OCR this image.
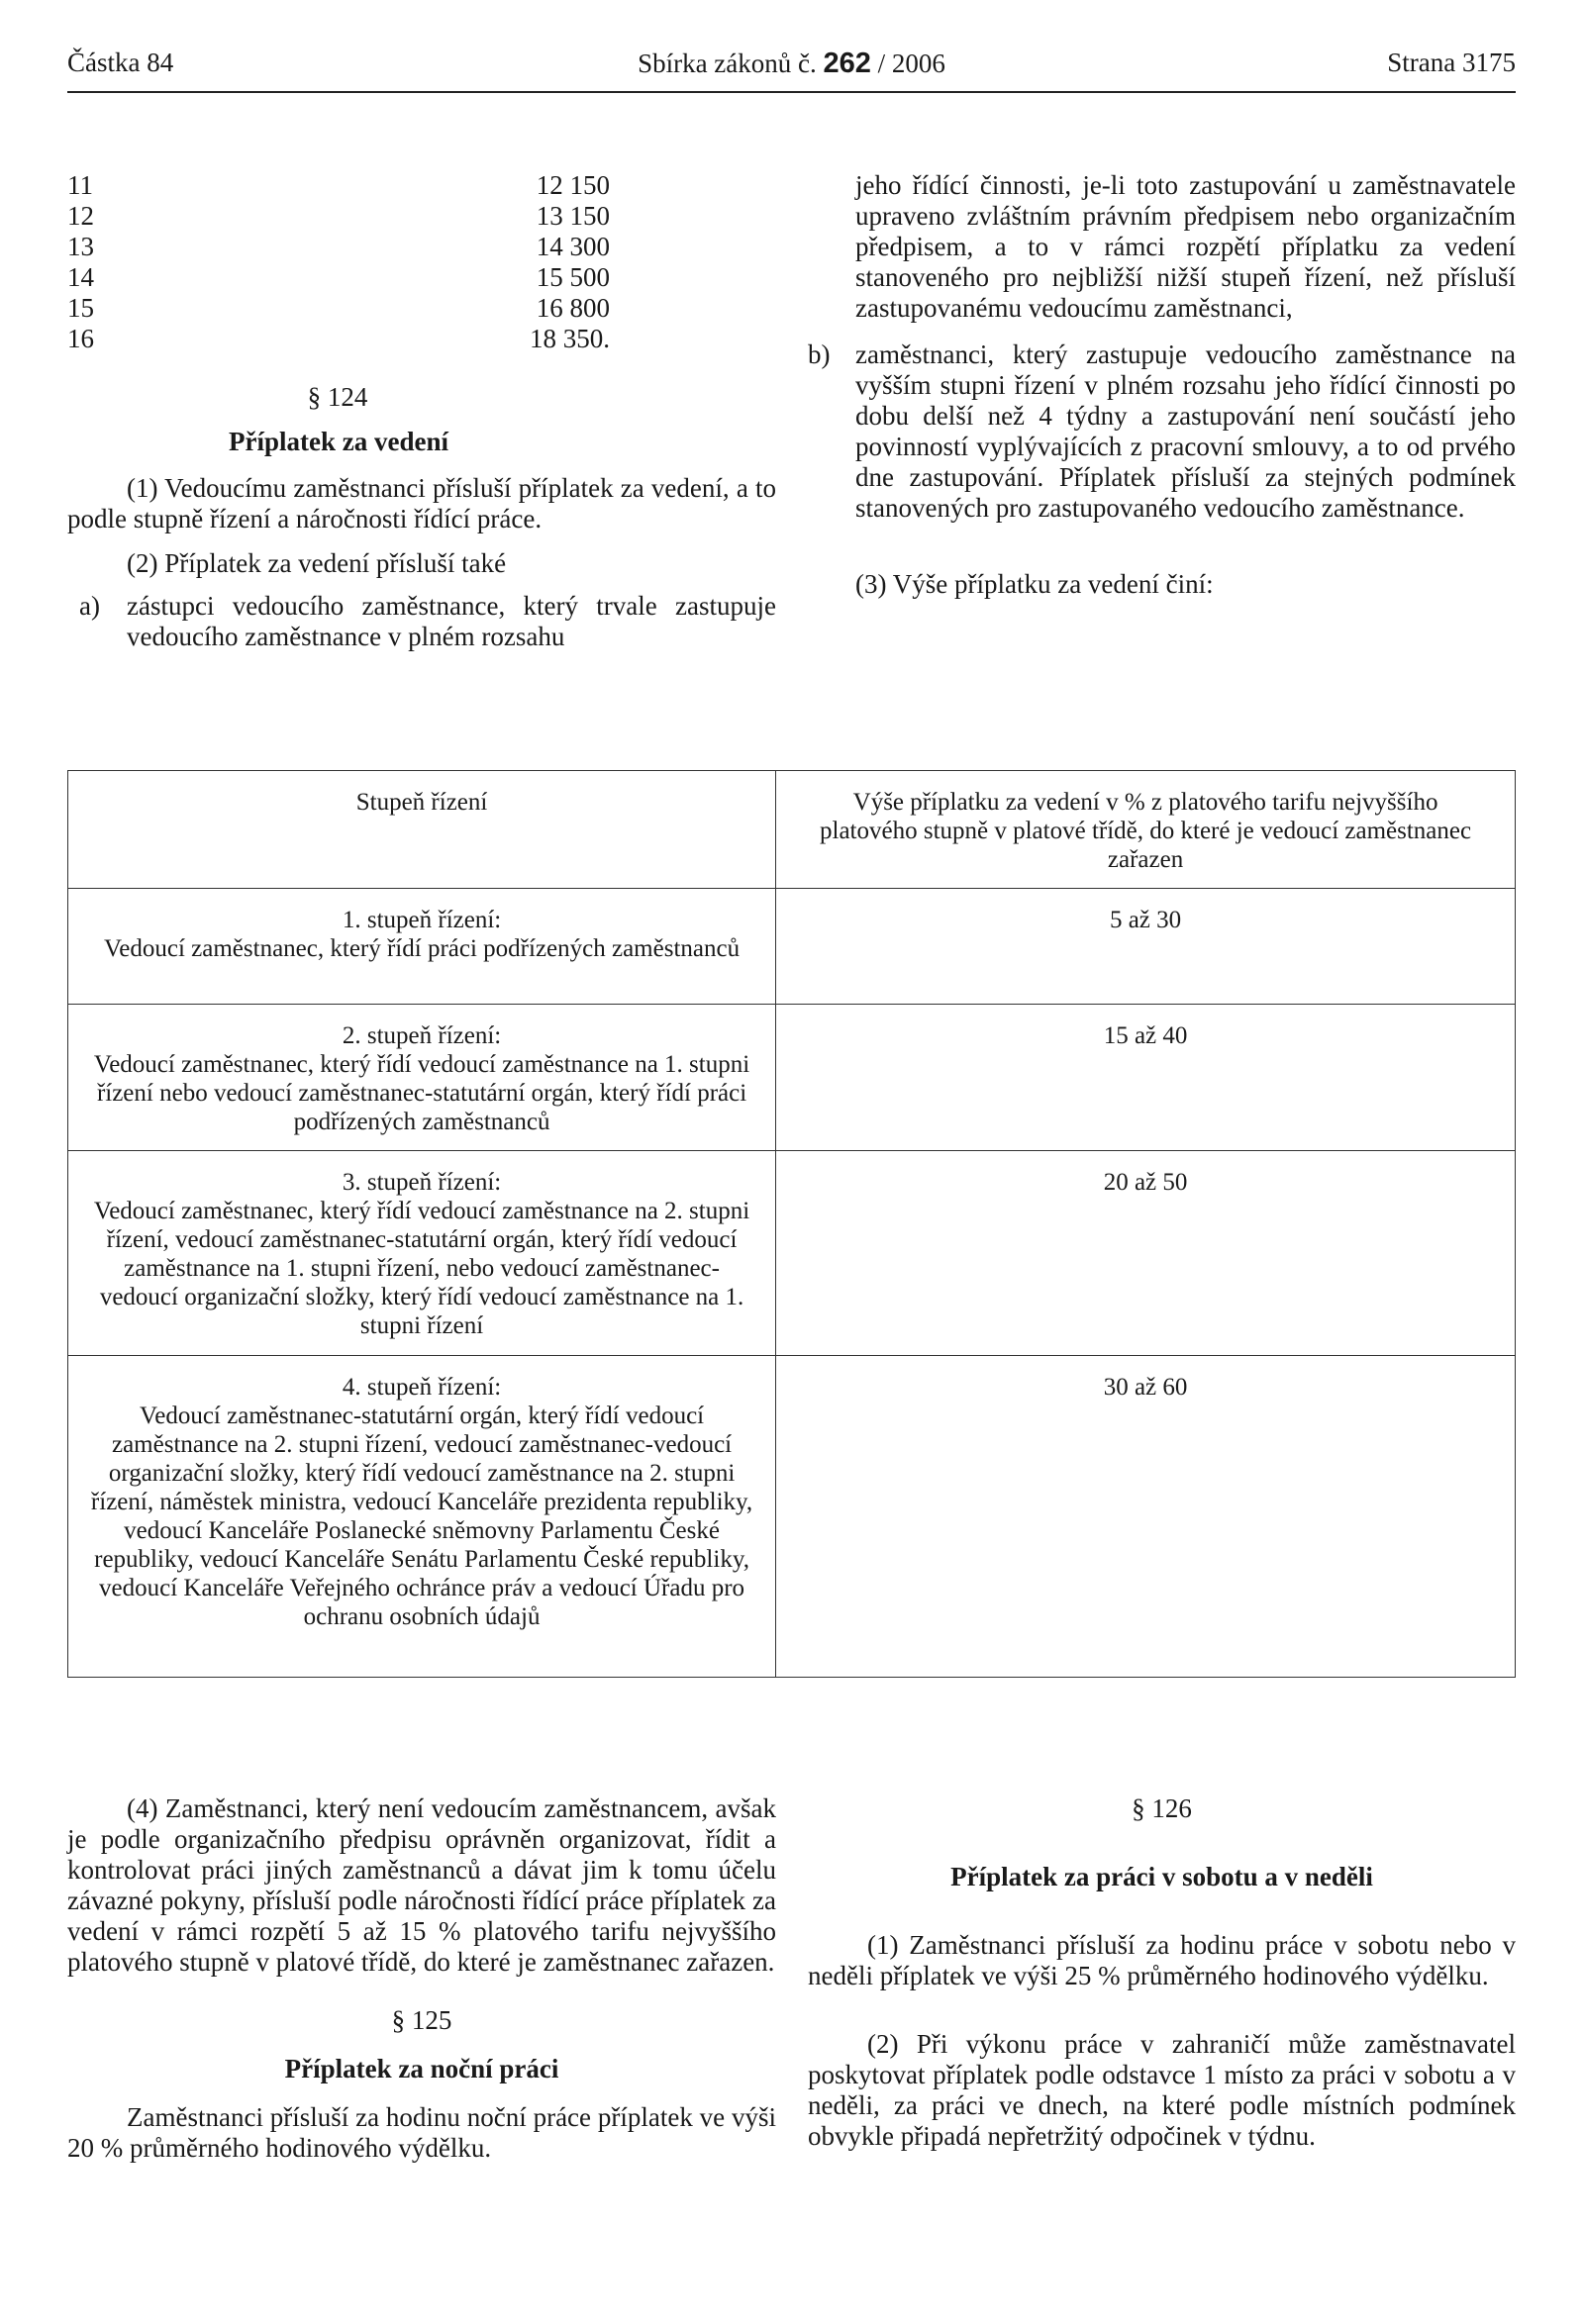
Částka 84	Sbírka zákonů č. 262 / 2006	Strana 3175
11	12 150
12	13 150
13	14 300
14	15 500
15	16 800
16	18 350.
§ 124
Příplatek za vedení

(1) Vedoucímu zaměstnanci přísluší příplatek za vedení, a to podle stupně řízení a náročnosti řídící práce.

(2) Příplatek za vedení přísluší také

a) zástupci vedoucího zaměstnance, který trvale zastupuje vedoucího zaměstnance v plném rozsahu

jeho řídící činnosti, je-li toto zastupování u zaměstnavatele upraveno zvláštním právním předpisem nebo organizačním předpisem, a to v rámci rozpětí příplatku za vedení stanoveného pro nejbližší nižší stupeň řízení, než přísluší zastupovanému vedoucímu zaměstnanci,

b) zaměstnanci, který zastupuje vedoucího zaměstnance na vyšším stupni řízení v plném rozsahu jeho řídící činnosti po dobu delší než 4 týdny a zastupování není součástí jeho povinností vyplývajících z pracovní smlouvy, a to od prvého dne zastupování. Příplatek přísluší za stejných podmínek stanovených pro zastupovaného vedoucího zaměstnance.

(3) Výše příplatku za vedení činí:

Stupeň řízení	Výše příplatku za vedení v % z platového tarifu nejvyššího platového stupně v platové třídě, do které je vedoucí zaměstnanec zařazen

1. stupeň řízení:
Vedoucí zaměstnanec, který řídí práci podřízených zaměstnanců	5 až 30

2. stupeň řízení:
Vedoucí zaměstnanec, který řídí vedoucí zaměstnance na 1. stupni řízení nebo vedoucí zaměstnanec-statutární orgán, který řídí práci podřízených zaměstnanců	15 až 40

3. stupeň řízení:
Vedoucí zaměstnanec, který řídí vedoucí zaměstnance na 2. stupni řízení, vedoucí zaměstnanec-statutární orgán, který řídí vedoucí zaměstnance na 1. stupni řízení, nebo vedoucí zaměstnanec-vedoucí organizační složky, který řídí vedoucí zaměstnance na 1. stupni řízení	20 až 50

4. stupeň řízení:
Vedoucí zaměstnanec-statutární orgán, který řídí vedoucí zaměstnance na 2. stupni řízení, vedoucí zaměstnanec-vedoucí organizační složky, který řídí vedoucí zaměstnance na 2. stupni řízení, náměstek ministra, vedoucí Kanceláře prezidenta republiky, vedoucí Kanceláře Poslanecké sněmovny Parlamentu České republiky, vedoucí Kanceláře Senátu Parlamentu České republiky, vedoucí Kanceláře Veřejného ochránce práv a vedoucí Úřadu pro ochranu osobních údajů	30 až 60

(4) Zaměstnanci, který není vedoucím zaměstnancem, avšak je podle organizačního předpisu oprávněn organizovat, řídit a kontrolovat práci jiných zaměstnanců a dávat jim k tomu účelu závazné pokyny, přísluší podle náročnosti řídící práce příplatek za vedení v rámci rozpětí 5 až 15 % platového tarifu nejvyššího platového stupně v platové třídě, do které je zaměstnanec zařazen.

§ 125
Příplatek za noční práci

Zaměstnanci přísluší za hodinu noční práce příplatek ve výši 20 % průměrného hodinového výdělku.

§ 126
Příplatek za práci v sobotu a v neděli

(1) Zaměstnanci přísluší za hodinu práce v sobotu nebo v neděli příplatek ve výši 25 % průměrného hodinového výdělku.

(2) Při výkonu práce v zahraničí může zaměstnavatel poskytovat příplatek podle odstavce 1 místo za práci v sobotu a v neděli, za práci ve dnech, na které podle místních podmínek obvykle připadá nepřetržitý odpočinek v týdnu.
